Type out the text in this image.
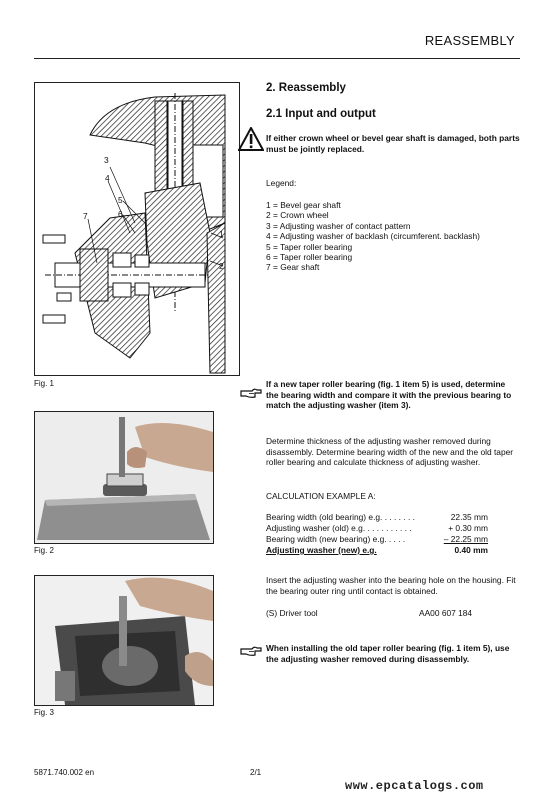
REASSEMBLY
3
4
5
6
7
1
2
Fig. 1
Fig. 2
Fig. 3
2. Reassembly
2.1 Input and output
If either crown wheel or bevel gear shaft is damaged, both parts must be jointly replaced.
Legend:
1 = Bevel gear shaft
2 = Crown wheel
3 = Adjusting washer of contact pattern
4 = Adjusting washer of backlash (circumferent. backlash)
5 = Taper roller bearing
6 = Taper roller bearing
7 = Gear shaft
If a new taper roller bearing (fig. 1 item 5) is used, determine the bearing width and compare it with the previous bearing to match the adjusting washer (item 3).
Determine thickness of the adjusting washer removed during disassembly. Determine bearing width of the new and the old taper roller bearing and calculate thickness of adjusting washer.
CALCULATION EXAMPLE A:
Bearing width (old bearing) e.g. . . . . . . .	22.35 mm
Adjusting washer (old) e.g. . . . . . . . . . .	+ 0.30 mm
Bearing width (new bearing) e.g. . . . .	– 22.25 mm
Adjusting washer (new) e.g.	0.40 mm
Insert the adjusting washer into the bearing hole on the housing. Fit the bearing outer ring until contact is obtained.
(S) Driver tool	AA00 607 184
When installing the old taper roller bearing (fig. 1 item 5), use the adjusting washer removed during disassembly.
5871.740.002 en	2/1
www.epcatalogs.com
